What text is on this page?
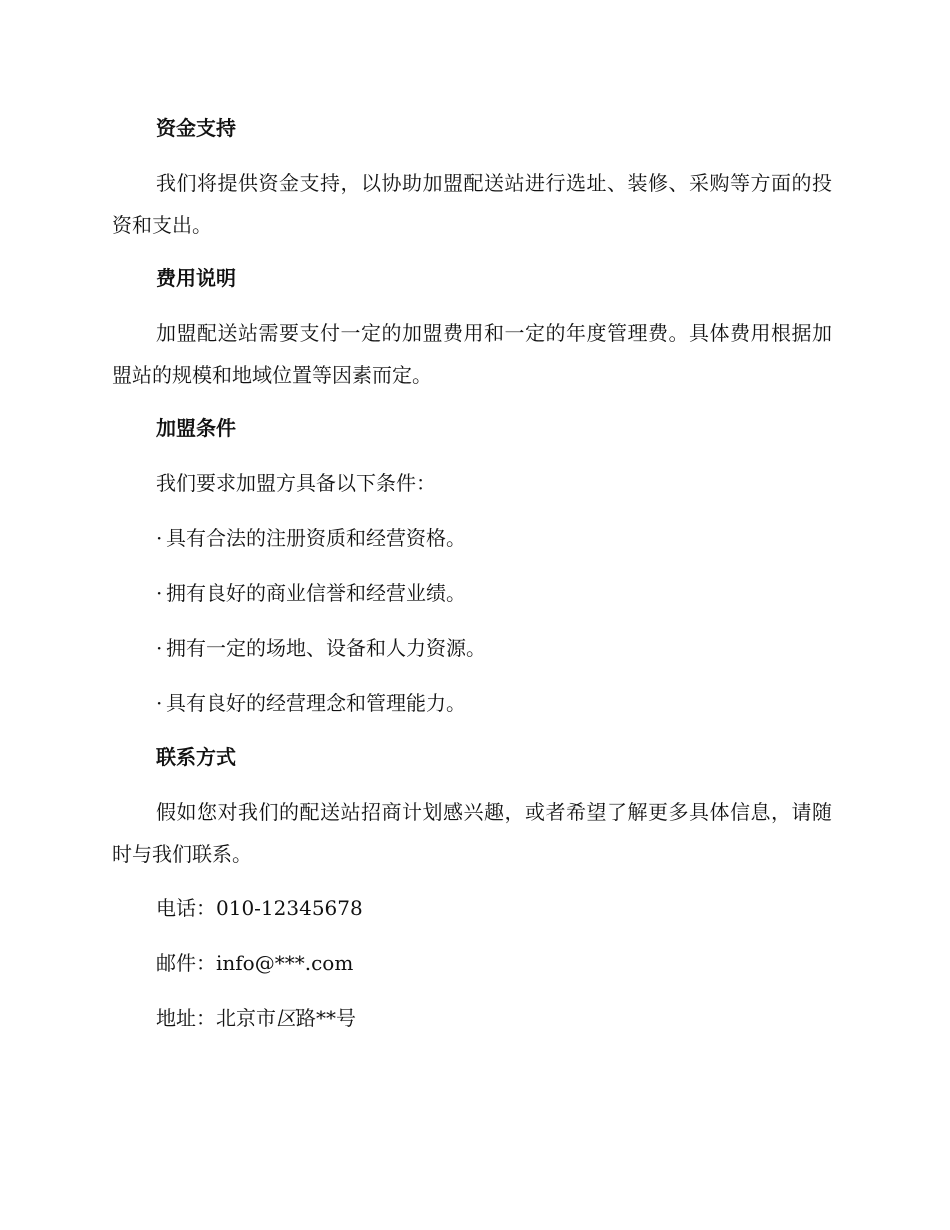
资金支持

我们将提供资金支持，以协助加盟配送站进行选址、装修、采购等方面的投资和支出。

费用说明

加盟配送站需要支付一定的加盟费用和一定的年度管理费。具体费用根据加盟站的规模和地域位置等因素而定。

加盟条件
我们要求加盟方具备以下条件：
· 具有合法的注册资质和经营资格。
· 拥有良好的商业信誉和经营业绩。
· 拥有一定的场地、设备和人力资源。
· 具有良好的经营理念和管理能力。
联系方式

假如您对我们的配送站招商计划感兴趣，或者希望了解更多具体信息，请随时与我们联系。

电话：010-12345678
邮件：info@***.com
地址：北京市区路**号
